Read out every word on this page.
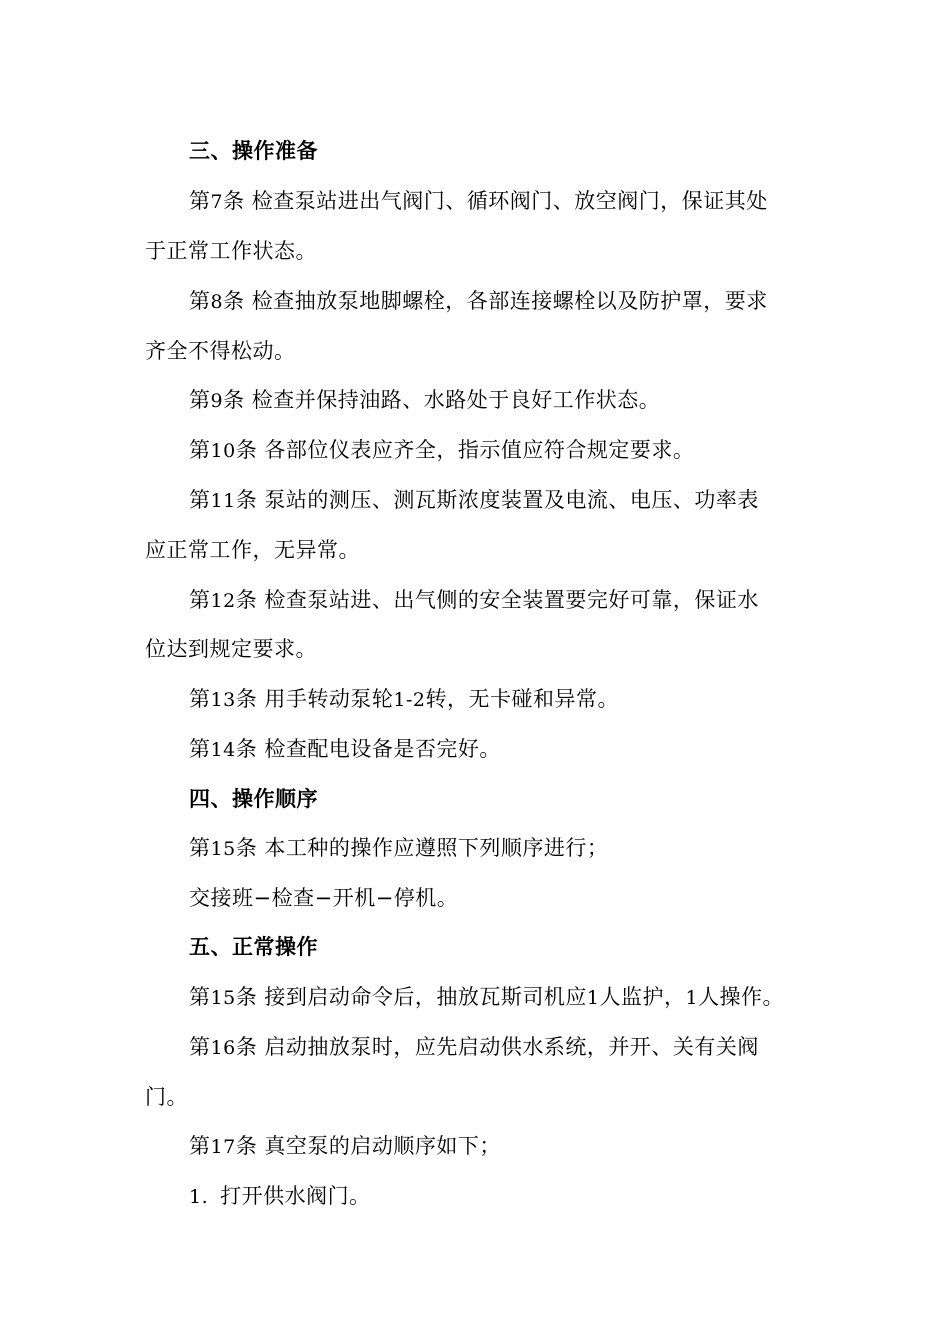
三、操作准备
第7条 检查泵站进出气阀门、循环阀门、放空阀门，保证其处
于正常工作状态。
第8条 检查抽放泵地脚螺栓，各部连接螺栓以及防护罩，要求
齐全不得松动。
第9条 检查并保持油路、水路处于良好工作状态。
第10条 各部位仪表应齐全，指示值应符合规定要求。
第11条 泵站的测压、测瓦斯浓度装置及电流、电压、功率表
应正常工作，无异常。
第12条 检查泵站进、出气侧的安全装置要完好可靠，保证水
位达到规定要求。
第13条 用手转动泵轮1-2转，无卡碰和异常。
第14条 检查配电设备是否完好。
四、操作顺序
第15条 本工种的操作应遵照下列顺序进行；
交接班−检查−开机−停机。
五、正常操作
第15条 接到启动命令后，抽放瓦斯司机应1人监护，1人操作。
第16条 启动抽放泵时，应先启动供水系统，并开、关有关阀
门。
第17条 真空泵的启动顺序如下；
1. 打开供水阀门。
